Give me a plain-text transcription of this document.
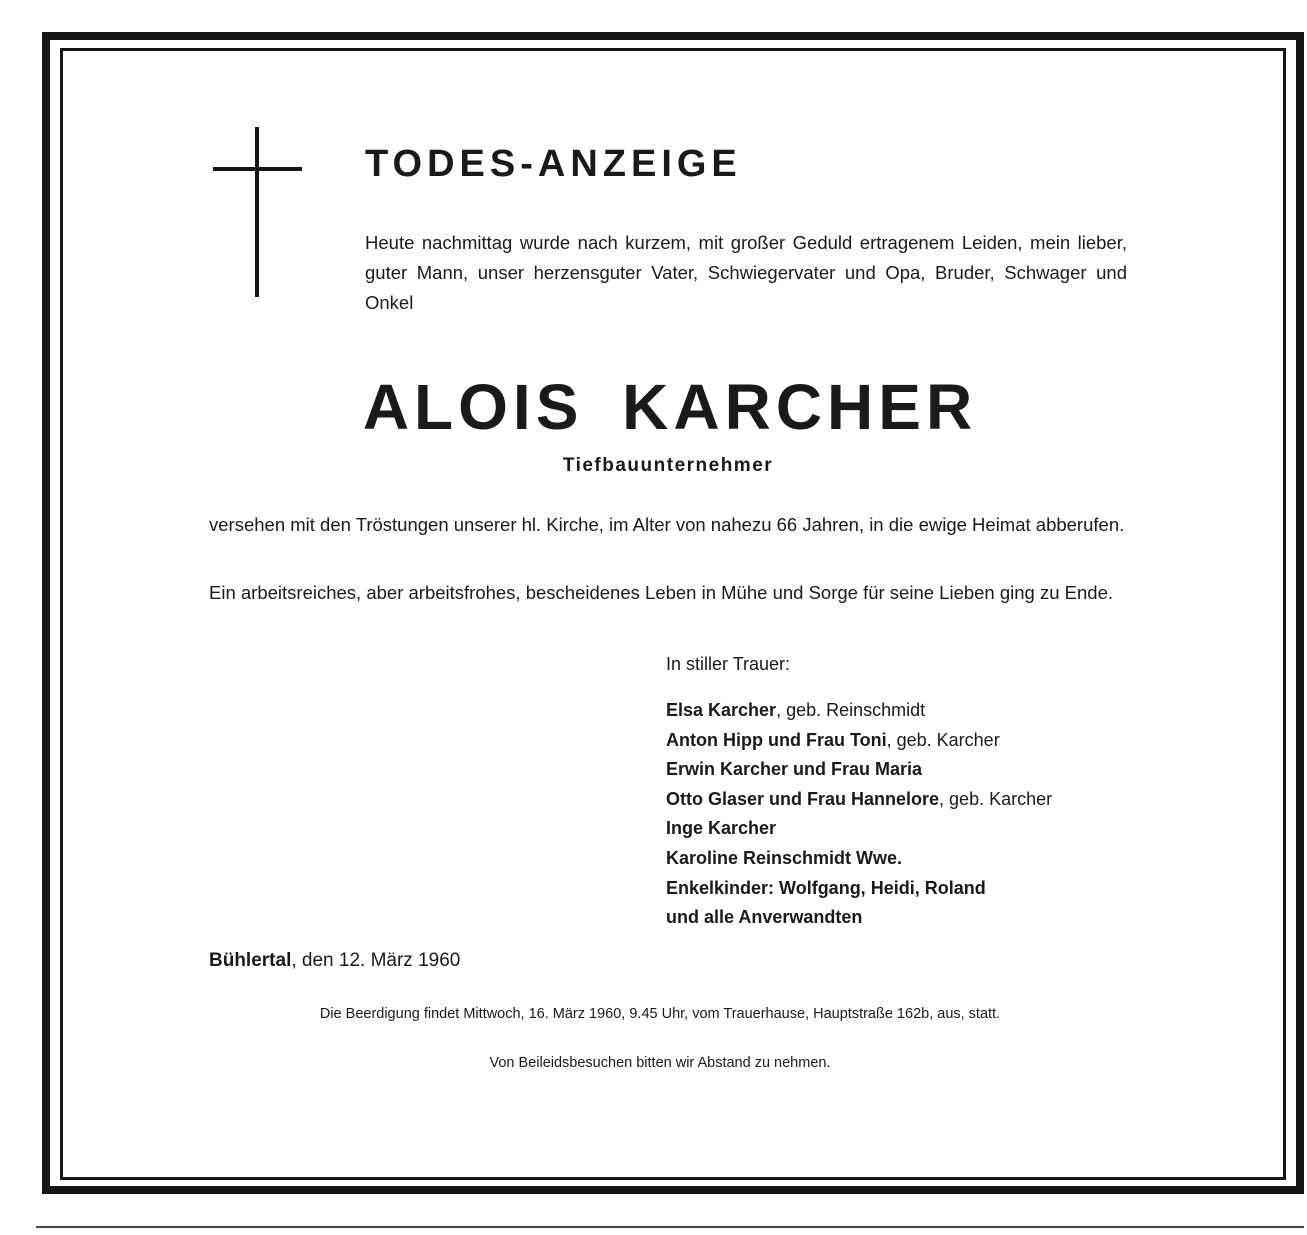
TODES-ANZEIGE
Heute nachmittag wurde nach kurzem, mit großer Geduld ertragenem Leiden, mein lieber, guter Mann, unser herzensguter Vater, Schwiegervater und Opa, Bruder, Schwager und Onkel
ALOIS KARCHER
Tiefbauunternehmer
versehen mit den Tröstungen unserer hl. Kirche, im Alter von nahezu 66 Jahren, in die ewige Heimat abberufen.
Ein arbeitsreiches, aber arbeitsfrohes, bescheidenes Leben in Mühe und Sorge für seine Lieben ging zu Ende.
In stiller Trauer:
Elsa Karcher, geb. Reinschmidt
Anton Hipp und Frau Toni, geb. Karcher
Erwin Karcher und Frau Maria
Otto Glaser und Frau Hannelore, geb. Karcher
Inge Karcher
Karoline Reinschmidt Wwe.
Enkelkinder: Wolfgang, Heidi, Roland
und alle Anverwandten
Bühlertal, den 12. März 1960
Die Beerdigung findet Mittwoch, 16. März 1960, 9.45 Uhr, vom Trauerhause, Hauptstraße 162b, aus, statt.
Von Beileidsbesuchen bitten wir Abstand zu nehmen.
